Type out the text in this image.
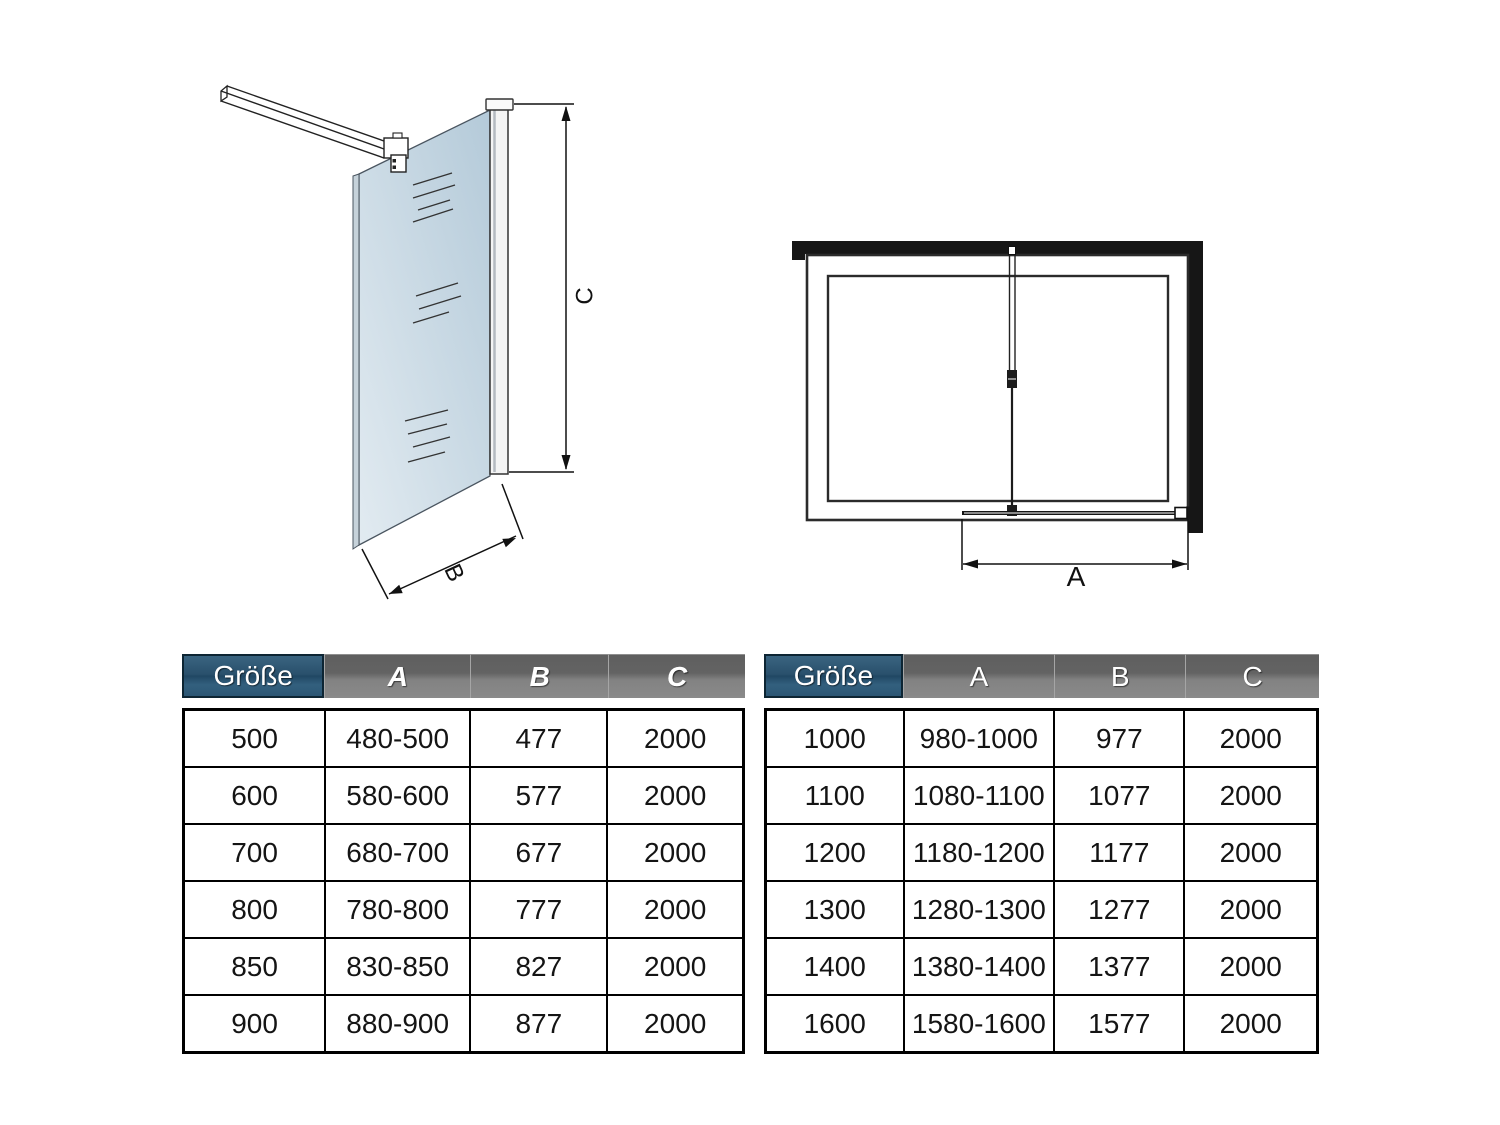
C
B	A
Größe	A	B	C
500	480-500	477	2000
600	580-600	577	2000
700	680-700	677	2000
800	780-800	777	2000
850	830-850	827	2000
900	880-900	877	2000
Größe	A	B	C
1000	980-1000	977	2000
1100	1080-1100	1077	2000
1200	1180-1200	1177	2000
1300	1280-1300	1277	2000
1400	1380-1400	1377	2000
1600	1580-1600	1577	2000
